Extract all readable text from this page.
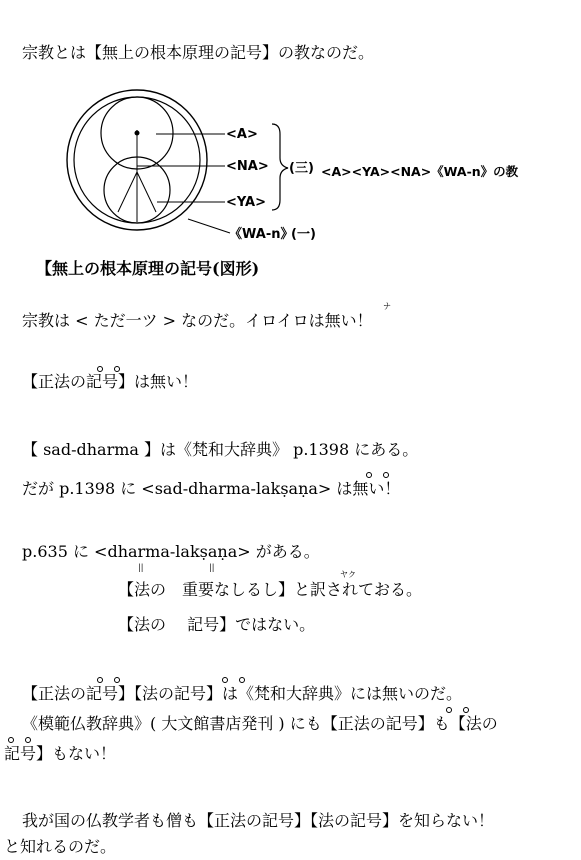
宗教とは【無上の根本原理の記号】の教なのだ。
<A>
<NA>
<YA>
《WA-n》
(一)
(三) <A><YA><NA>《WA-n》の教
【無上の根本原理の記号(図形)
宗教は < ただ一ツ > なのだ。イロイロは無い！
ナ
【正法の記号】は無い！
【 sad-dharma 】は《梵和大辞典》 p.1398 にある。
だが p.1398 に <sad-dharma-lakṣaṇa> は無い！
p.635 に <dharma-lakṣaṇa> がある。
||	||
【法の　重要なしるし】と訳されておる。
ヤク
【法の　 記号】ではない。
【正法の記号】【法の記号】は《梵和大辞典》には無いのだ。
《模範仏教辞典》( 大文館書店発刊 ) にも【正法の記号】も【法の
記号】もない！
我が国の仏教学者も僧も【正法の記号】【法の記号】を知らない！
と知れるのだ。
